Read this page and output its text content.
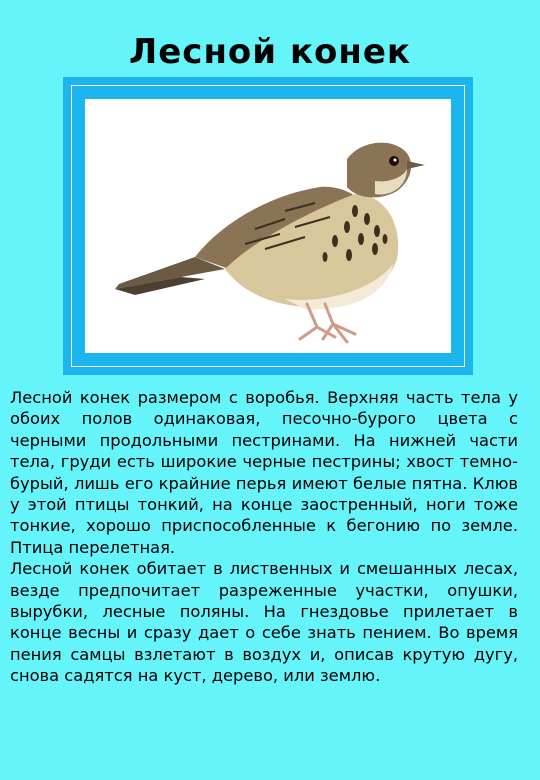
Лесной конек

Лесной конек размером с воробья. Верхняя часть тела у обоих полов одинаковая, песочно-бурого цвета с черными продольными пестринами. На нижней части тела, груди есть широкие черные пестрины; хвост темно-бурый, лишь его крайние перья имеют белые пятна. Клюв у этой птицы тонкий, на конце заостренный, ноги тоже тонкие, хорошо приспособленные к бегонию по земле. Птица перелетная.

Лесной конек обитает в лиственных и смешанных лесах, везде предпочитает разреженные участки, опушки, вырубки, лесные поляны. На гнездовье прилетает в конце весны и сразу дает о себе знать пением. Во время пения самцы взлетают в воздух и, описав крутую дугу, снова садятся на куст, дерево, или землю.
